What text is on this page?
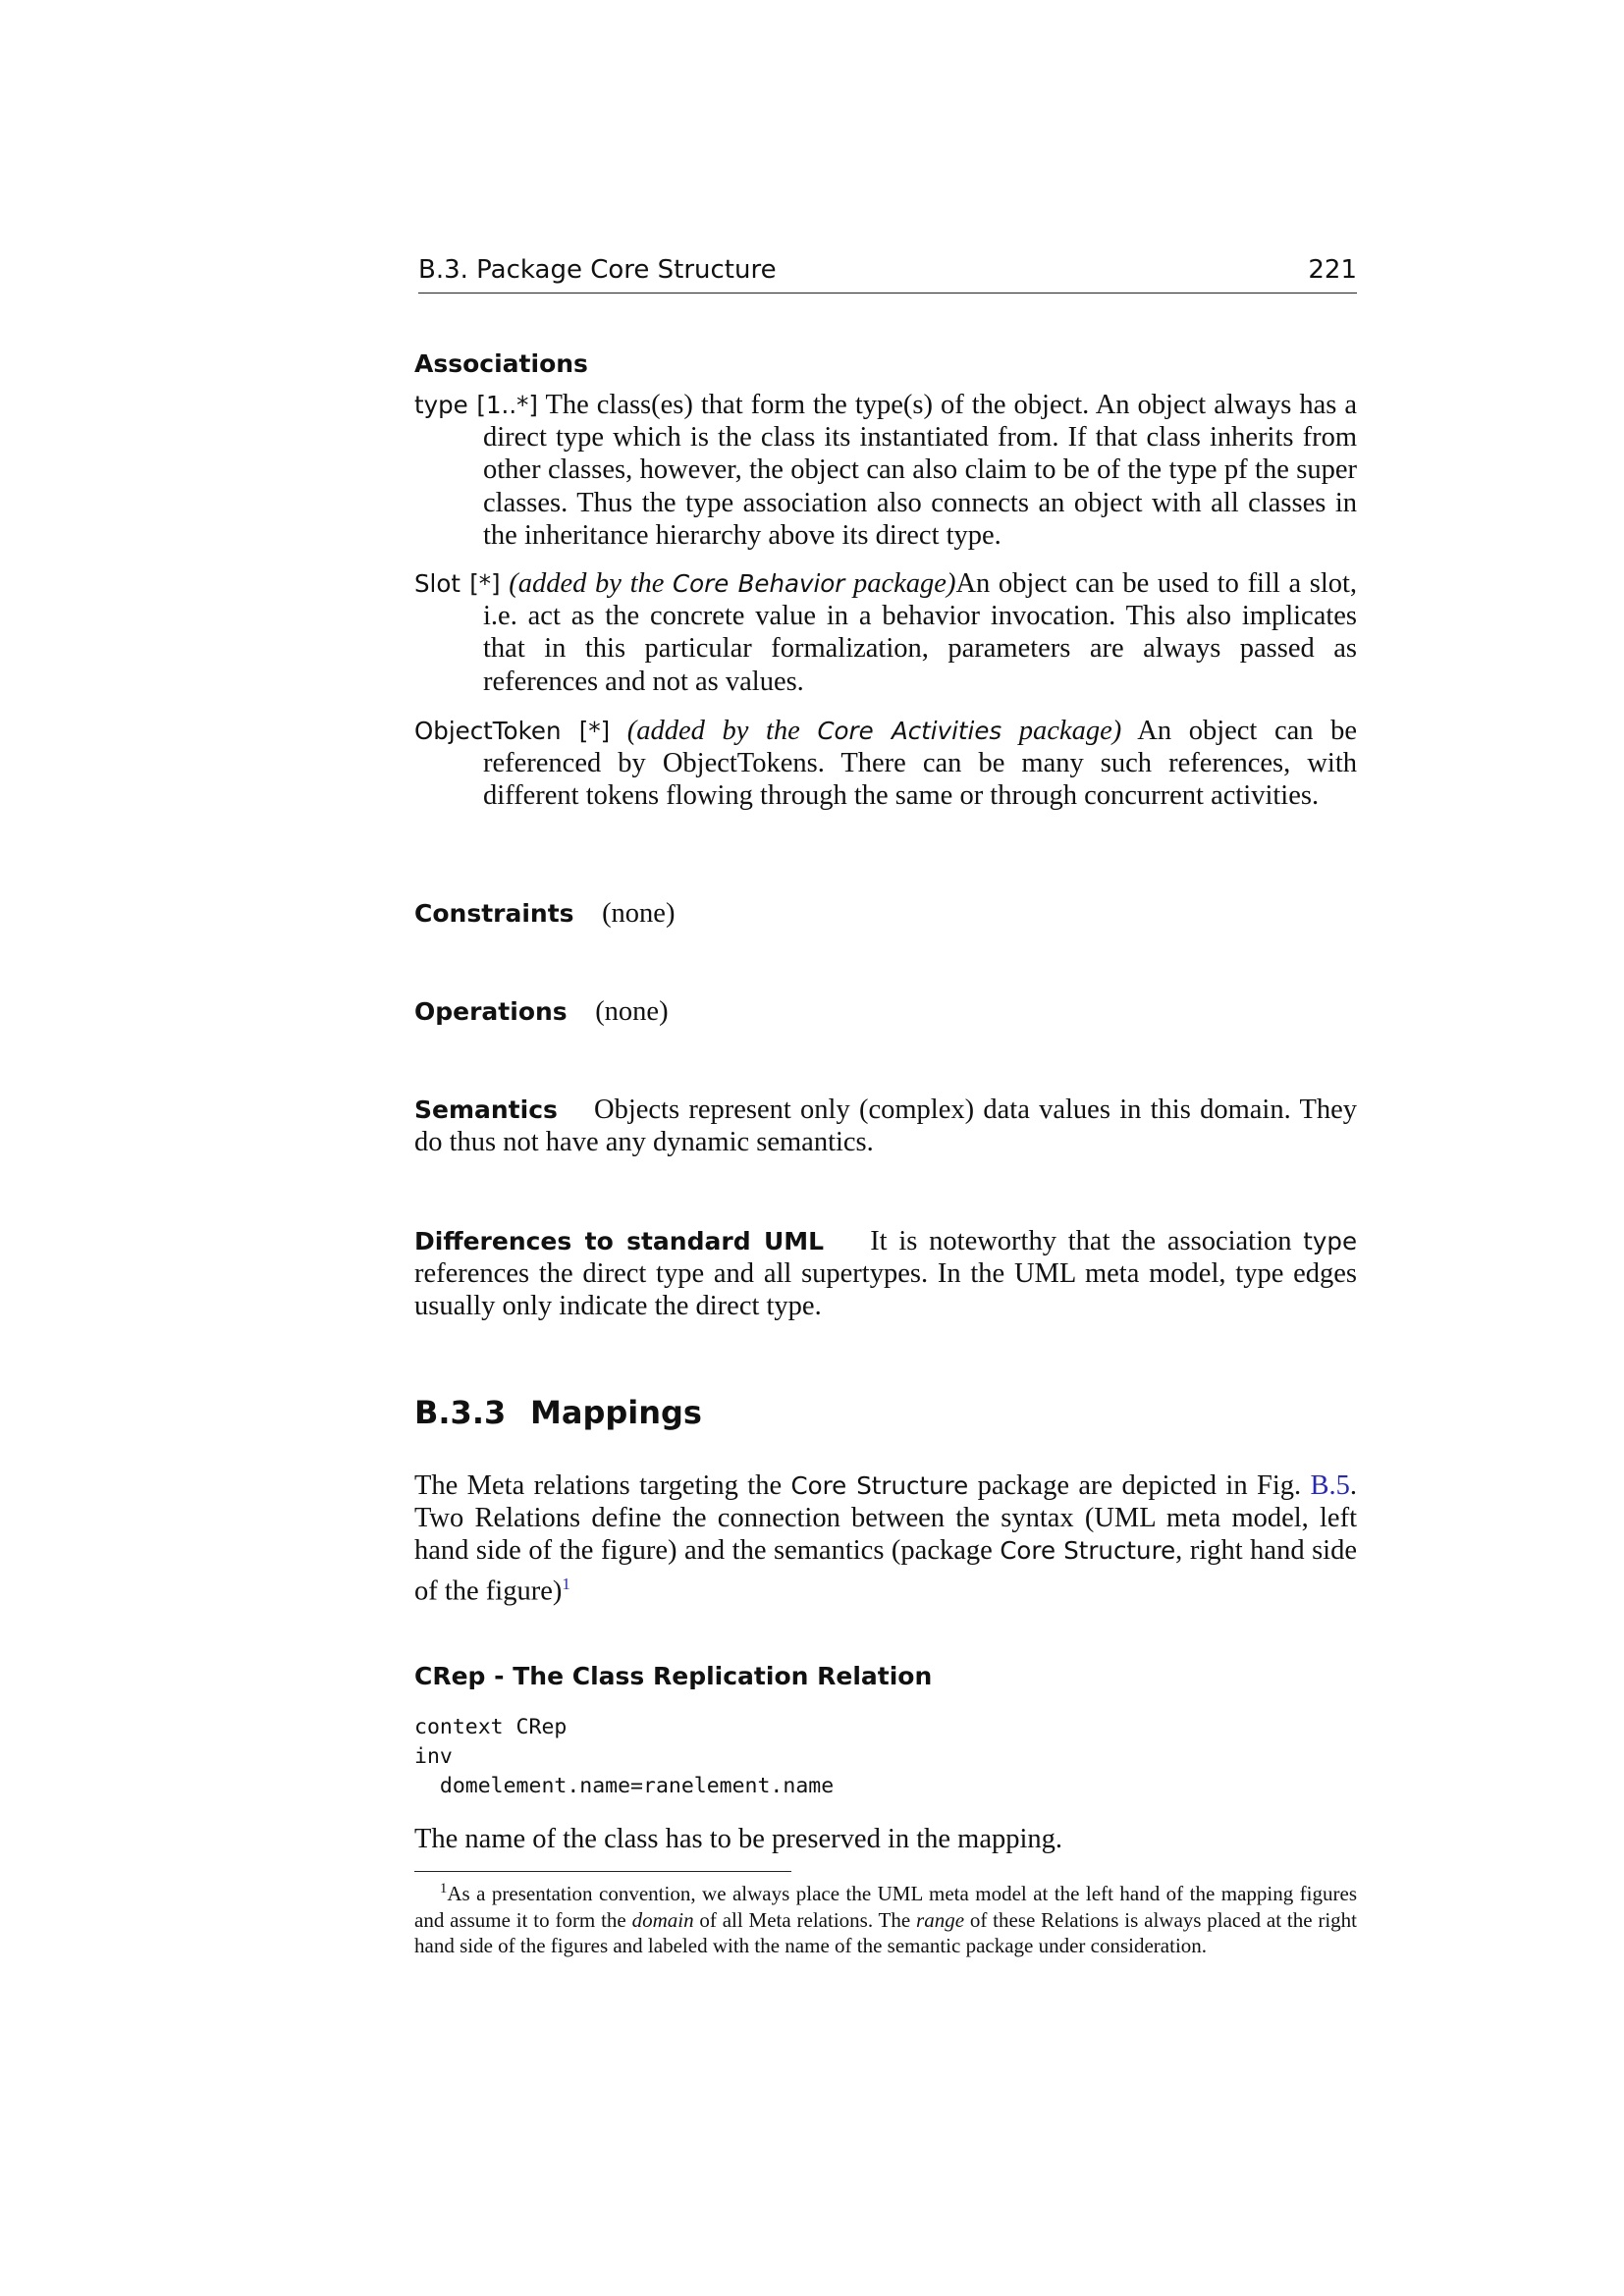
B.3. Package Core Structure	221
Associations
type [1..*] The class(es) that form the type(s) of the object. An object always has a direct type which is the class its instantiated from. If that class inherits from other classes, however, the object can also claim to be of the type pf the super classes. Thus the type association also connects an object with all classes in the inheritance hierarchy above its direct type.
Slot [*] (added by the Core Behavior package)An object can be used to fill a slot, i.e. act as the concrete value in a behavior invocation. This also implicates that in this particular formalization, parameters are always passed as references and not as values.
ObjectToken [*] (added by the Core Activities package) An object can be referenced by ObjectTokens. There can be many such references, with different tokens flowing through the same or through concurrent activities.
Constraints (none)
Operations (none)
Semantics Objects represent only (complex) data values in this domain. They do thus not have any dynamic semantics.
Differences to standard UML It is noteworthy that the association type references the direct type and all supertypes. In the UML meta model, type edges usually only indicate the direct type.
B.3.3 Mappings
The Meta relations targeting the Core Structure package are depicted in Fig. B.5. Two Relations define the connection between the syntax (UML meta model, left hand side of the figure) and the semantics (package Core Structure, right hand side of the figure)$^1$
CRep - The Class Replication Relation
context CRep
inv
domelement.name=ranelement.name
The name of the class has to be preserved in the mapping.
$^1$As a presentation convention, we always place the UML meta model at the left hand of the mapping figures and assume it to form the domain of all Meta relations. The range of these Relations is always placed at the right hand side of the figures and labeled with the name of the semantic package under consideration.
